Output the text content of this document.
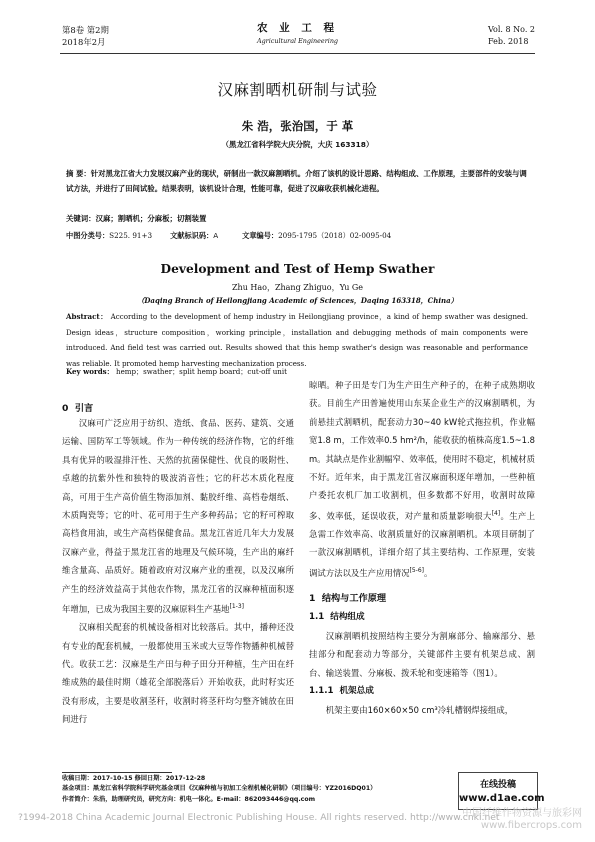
第8卷 第2期
2018年2月
农 业 工 程
Agricultural Engineering
Vol. 8 No. 2
Feb. 2018
汉麻割晒机研制与试验
朱 浩，张治国，于 革
（黑龙江省科学院大庆分院，大庆 163318）
摘 要：针对黑龙江省大力发展汉麻产业的现状，研制出一款汉麻割晒机。介绍了该机的设计思路、结构组成、工作原理，主要部件的安装与调试方法，并进行了田间试验。结果表明，该机设计合理，性能可靠，促进了汉麻收获机械化进程。
关键词：汉麻；割晒机；分麻板；切割装置
中图分类号：S225. 91+3	文献标识码：A	文章编号：2095-1795（2018）02-0095-04
Development and Test of Hemp Swather
Zhu Hao，Zhang Zhiguo，Yu Ge
（Daqing Branch of Heilongjiang Academic of Sciences，Daqing 163318，China）
Abstract： According to the development of hemp industry in Heilongjiang province，a kind of hemp swather was designed. Design ideas，structure composition，working principle，installation and debugging methods of main components were introduced. And field test was carried out. Results showed that this hemp swather's design was reasonable and performance was reliable. It promoted hemp harvesting mechanization process.
Key words： hemp；swather；split hemp board；cut-off unit
0 引言

汉麻可广泛应用于纺织、造纸、食品、医药、建筑、交通运输、国防军工等领域。作为一种传统的经济作物，它的纤维具有优异的吸湿排汗性、天然的抗菌保健性、优良的吸附性、卓越的抗紫外性和独特的吸波消音性；它的秆芯木质化程度高，可用于生产高价值生物添加剂、黏胶纤维、高档卷烟纸、木质陶瓷等；它的叶、花可用于生产多种药品；它的籽可榨取高档食用油，或生产高档保健食品。黑龙江省近几年大力发展汉麻产业，得益于黑龙江省的地理及气候环境，生产出的麻纤维含量高、品质好。随着政府对汉麻产业的重视，以及汉麻所产生的经济效益高于其他农作物，黑龙江省的汉麻种植面积逐年增加，已成为我国主要的汉麻原料生产基地[1-3]

汉麻相关配套的机械设备相对比较落后。其中，播种还没有专业的配套机械，一般都使用玉米或大豆等作物播种机械替代。收获工艺：汉麻是生产田与种子田分开种植，生产田在纤维成熟的最佳时期（雄花全部脱落后）开始收获，此时籽实还没有形成，主要是收割茎秆，收割时将茎秆均匀整齐铺放在田间进行

晾晒。种子田是专门为生产田生产种子的，在种子成熟期收获。目前生产田普遍使用山东某企业生产的汉麻割晒机，为前悬挂式割晒机，配套动力30~40 kW轮式拖拉机，作业幅宽1.8 m，工作效率0.5 hm²/h，能收获的植株高度1.5~1.8 m。其缺点是作业割幅窄、效率低，使用时不稳定，机械材质不好。近年来，由于黑龙江省汉麻面积逐年增加，一些种植户委托农机厂加工收割机，但多数都不好用，收割时故障多、效率低，延误收获，对产量和质量影响很大[4]。生产上急需工作效率高、收割质量好的汉麻割晒机。本项目研制了一款汉麻割晒机，详细介绍了其主要结构、工作原理，安装调试方法以及生产应用情况[5-6]。

1 结构与工作原理
1.1 结构组成

汉麻割晒机按照结构主要分为割麻部分、输麻部分、悬挂部分和配套动力等部分，关键部件主要有机架总成、割台、输送装置、分麻板、拨禾轮和变速箱等（图1）。

1.1.1 机架总成

机架主要由160×60×50 cm³冷轧槽钢焊接组成，

收稿日期：2017-10-15 修回日期：2017-12-28
基金项目：黑龙江省科学院科学研究基金项目《汉麻种植与初加工全程机械化研制》（项目编号：YZ2016DQ01）
作者简介：朱浩，助理研究员，研究方向：机电一体化。E-mail：862093446@qq.com
在线投稿
www.d1ae.com
?1994-2018 China Academic Journal Electronic Publishing House. All rights reserved. http://www.cnki.net
中国纤维作物资源与旅彩网
www.fibercrops.com
